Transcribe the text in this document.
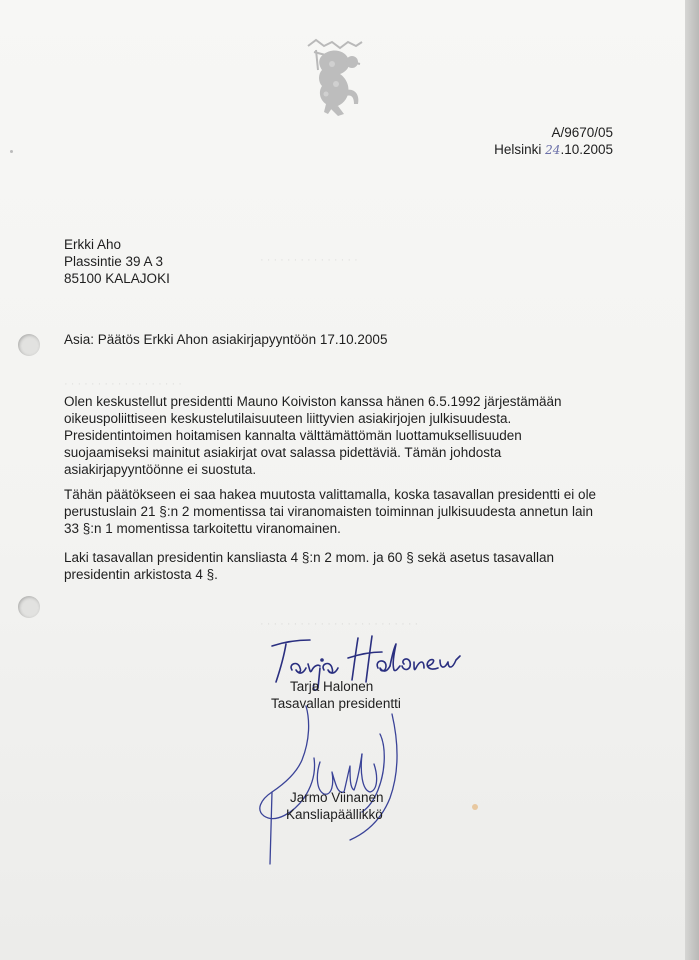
A/9670/05
Helsinki 24.10.2005
· · · · · · · · · · · · · · ·
· · · · · · · · · · · · · · · · · ·
· · · · · · · · · · · · · · · · · · · · · · · ·
Erkki Aho
Plassintie 39 A 3
85100 KALAJOKI
Asia: Päätös Erkki Ahon asiakirjapyyntöön 17.10.2005
Olen keskustellut presidentti Mauno Koiviston kanssa hänen 6.5.1992 järjestämään
oikeuspoliittiseen keskustelutilaisuuteen liittyvien asiakirjojen julkisuudesta.
Presidentintoimen hoitamisen kannalta välttämättömän luottamuksellisuuden
suojaamiseksi mainitut asiakirjat ovat salassa pidettäviä. Tämän johdosta
asiakirjapyyntöönne ei suostuta.
Tähän päätökseen ei saa hakea muutosta valittamalla, koska tasavallan presidentti ei ole
perustuslain 21 §:n 2 momentissa tai viranomaisten toiminnan julkisuudesta annetun lain
33 §:n 1 momentissa tarkoitettu viranomainen.
Laki tasavallan presidentin kansliasta 4 §:n 2 mom. ja 60 § sekä asetus tasavallan
presidentin arkistosta 4 §.
Tarja Halonen
Tasavallan presidentti
Jarmo Viinanen
Kansliapäällikkö
